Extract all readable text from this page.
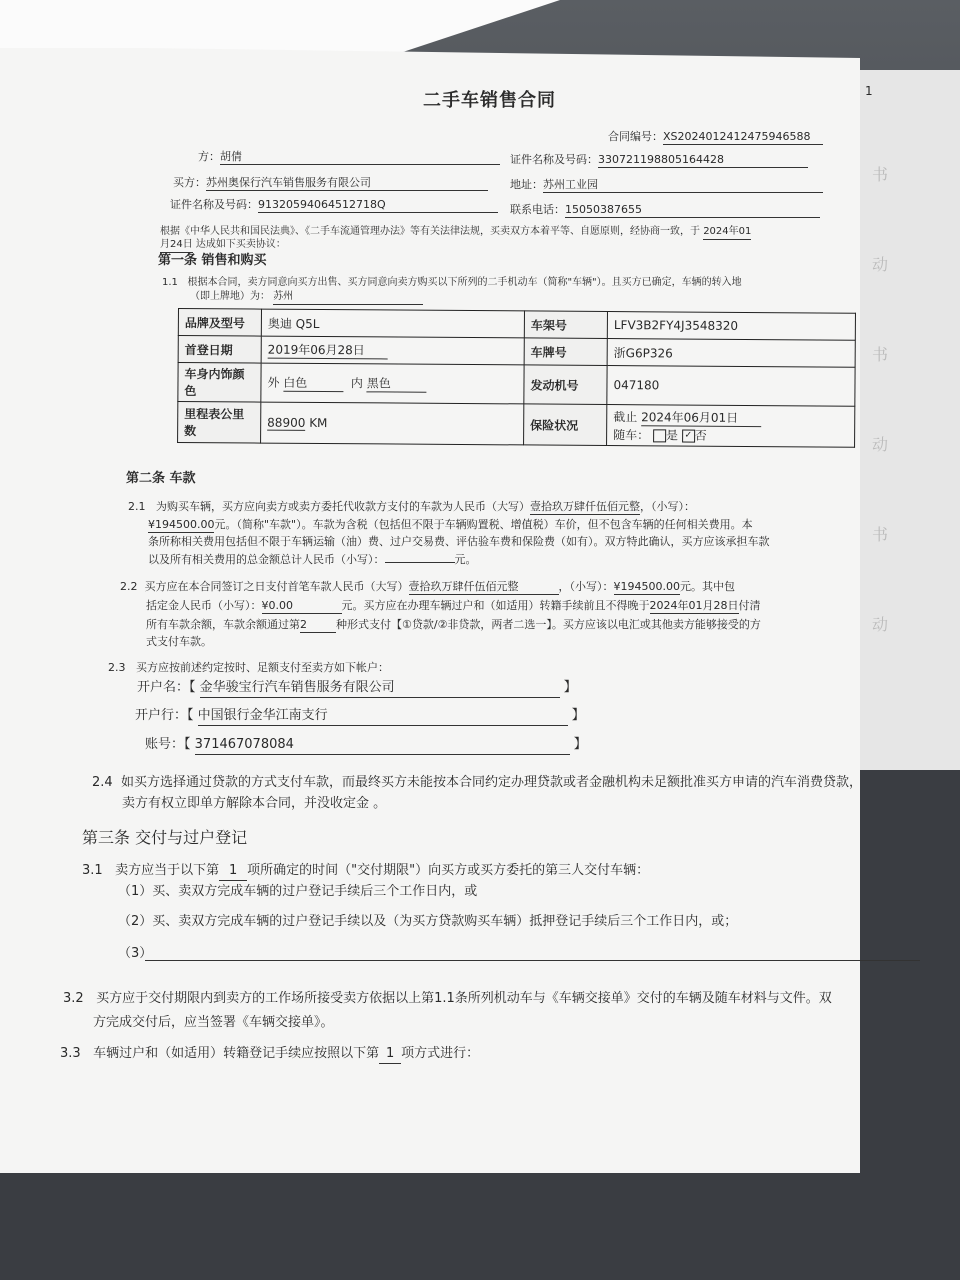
书
动
书
动
书
动
1
二手车销售合同
合同编号：XS2024012412475946588
方：胡倩	证件名称及号码：330721198805164428
买方：苏州奥保行汽车销售服务有限公司	地址：苏州工业园
证件名称及号码：91320594064512718Q	联系电话：15050387655
根据《中华人民共和国民法典》、《二手车流通管理办法》等有关法律法规，买卖双方本着平等、自愿原则，经协商一致，于 2024年01
月24日 达成如下买卖协议：
第一条 销售和购买
1.1 根据本合同，卖方同意向买方出售、买方同意向卖方购买以下所列的二手机动车（简称"车辆"）。且买方已确定，车辆的转入地
（即上牌地）为： 苏州
品牌及型号	奥迪 Q5L	车架号	LFV3B2FY4J3548320
首登日期	2019年06月28日	车牌号	浙G6P326
车身内饰颜色	外 白色 内 黑色	发动机号	047180
里程表公里数	88900 KM	保险状况	截止 2024年06月01日
随车： 是 ✓ 否
第二条 车款
2.1 为购买车辆，买方应向卖方或卖方委托代收款方支付的车款为人民币（大写）壹拾玖万肆仟伍佰元整，（小写）：
¥194500.00元。（简称"车款"）。车款为含税（包括但不限于车辆购置税、增值税）车价，但不包含车辆的任何相关费用。本
条所称相关费用包括但不限于车辆运输（油）费、过户交易费、评估验车费和保险费（如有）。双方特此确认，买方应该承担车款
以及所有相关费用的总金额总计人民币（小写）：	元。
2.2 买方应在本合同签订之日支付首笔车款人民币（大写）壹拾玖万肆仟伍佰元整	，（小写）：¥194500.00元。其中包
括定金人民币（小写）：¥0.00	元。买方应在办理车辆过户和（如适用）转籍手续前且不得晚于2024年01月28日付清
所有车款余额，车款余额通过第2	种形式支付【①贷款/②非贷款，两者二选一】。买方应该以电汇或其他卖方能够接受的方
式支付车款。
2.3 买方应按前述约定按时、足额支付至卖方如下帐户：
开户名：【 金华骏宝行汽车销售服务有限公司	】
开户行：【 中国银行金华江南支行	】
账号：【 371467078084	】
2.4 如买方选择通过贷款的方式支付车款，而最终买方未能按本合同约定办理贷款或者金融机构未足额批准买方申请的汽车消费贷款，
卖方有权立即单方解除本合同，并没收定金 。
第三条 交付与过户登记
3.1 卖方应当于以下第 1 项所确定的时间（"交付期限"）向买方或买方委托的第三人交付车辆：
（1）买、卖双方完成车辆的过户登记手续后三个工作日内，或
（2）买、卖双方完成车辆的过户登记手续以及（为买方贷款购买车辆）抵押登记手续后三个工作日内，或；
（3）
3.2 买方应于交付期限内到卖方的工作场所接受卖方依据以上第1.1条所列机动车与《车辆交接单》交付的车辆及随车材料与文件。双
方完成交付后，应当签署《车辆交接单》。
3.3 车辆过户和（如适用）转籍登记手续应按照以下第 1 项方式进行：
